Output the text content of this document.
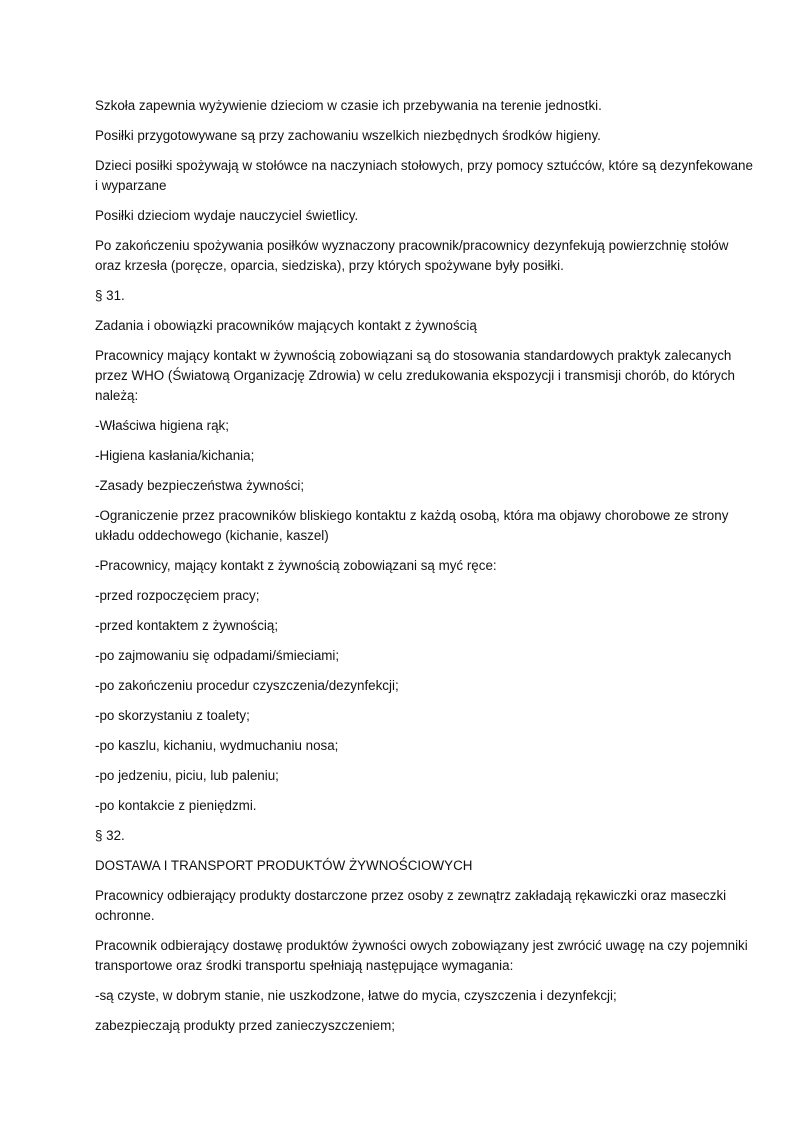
Szkoła zapewnia wyżywienie dzieciom w czasie ich przebywania na terenie jednostki.

Posiłki przygotowywane są przy zachowaniu wszelkich niezbędnych środków higieny.

Dzieci posiłki spożywają w stołówce na naczyniach stołowych, przy pomocy sztućców, które są dezynfekowane
i wyparzane

Posiłki dzieciom wydaje nauczyciel świetlicy.

Po zakończeniu spożywania posiłków wyznaczony pracownik/pracownicy dezynfekują powierzchnię stołów
oraz krzesła (poręcze, oparcia, siedziska), przy których spożywane były posiłki.

§ 31.

Zadania i obowiązki pracowników mających kontakt z żywnością

Pracownicy mający kontakt w żywnością zobowiązani są do stosowania standardowych praktyk zalecanych
przez WHO (Światową Organizację Zdrowia) w celu zredukowania ekspozycji i transmisji chorób, do których
należą:

-Właściwa higiena rąk;

-Higiena kasłania/kichania;

-Zasady bezpieczeństwa żywności;

-Ograniczenie przez pracowników bliskiego kontaktu z każdą osobą, która ma objawy chorobowe ze strony
układu oddechowego (kichanie, kaszel)

-Pracownicy, mający kontakt z żywnością zobowiązani są myć ręce:

-przed rozpoczęciem pracy;

-przed kontaktem z żywnością;

-po zajmowaniu się odpadami/śmieciami;

-po zakończeniu procedur czyszczenia/dezynfekcji;

-po skorzystaniu z toalety;

-po kaszlu, kichaniu, wydmuchaniu nosa;

-po jedzeniu, piciu, lub paleniu;

-po kontakcie z pieniędzmi.

§ 32.

DOSTAWA I TRANSPORT PRODUKTÓW ŻYWNOŚCIOWYCH

Pracownicy odbierający produkty dostarczone przez osoby z zewnątrz zakładają rękawiczki oraz maseczki
ochronne.

Pracownik odbierający dostawę produktów żywności owych zobowiązany jest zwrócić uwagę na czy pojemniki
transportowe oraz środki transportu spełniają następujące wymagania:

-są czyste, w dobrym stanie, nie uszkodzone, łatwe do mycia, czyszczenia i dezynfekcji;

zabezpieczają produkty przed zanieczyszczeniem;
